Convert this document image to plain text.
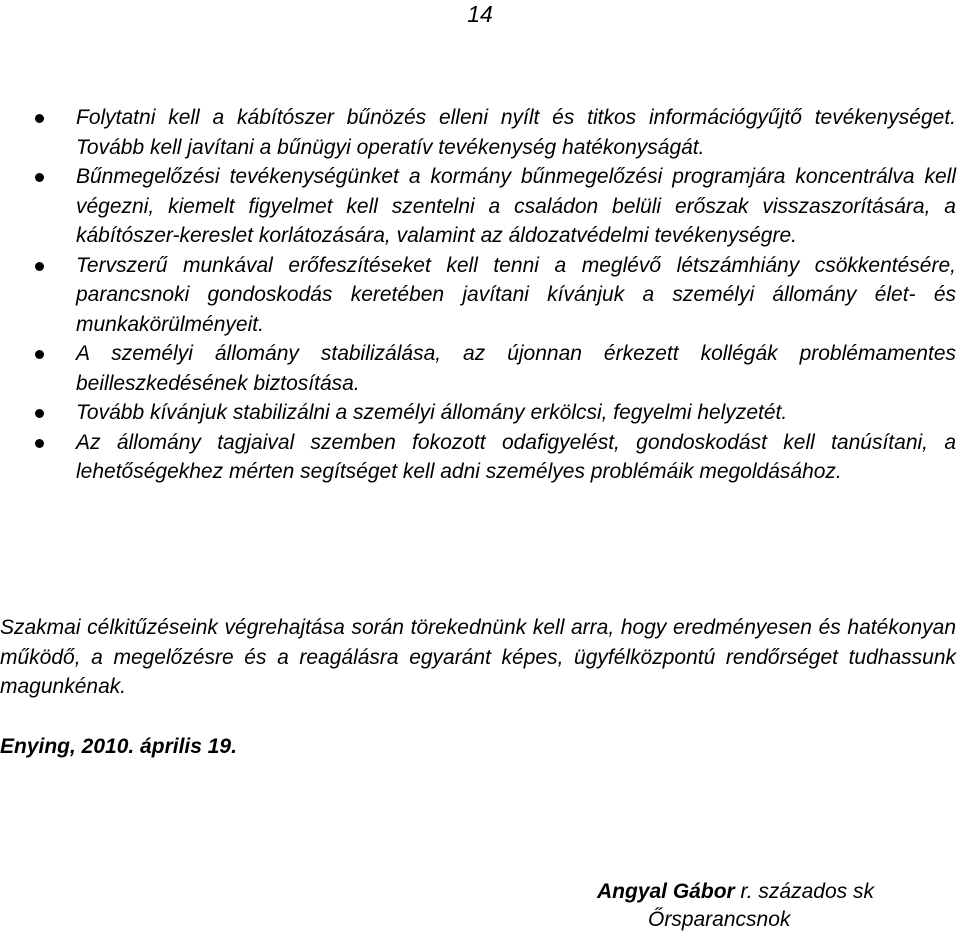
14
Folytatni kell a kábítószer bűnözés elleni nyílt és titkos információgyűjtő tevékenységet. Tovább kell javítani a bűnügyi operatív tevékenység hatékonyságát.
Bűnmegelőzési tevékenységünket a kormány bűnmegelőzési programjára koncentrálva kell végezni, kiemelt figyelmet kell szentelni a családon belüli erőszak visszaszorítására, a kábítószer-kereslet korlátozására, valamint az áldozatvédelmi tevékenységre.
Tervszerű munkával erőfeszítéseket kell tenni a meglévő létszámhiány csökkentésére, parancsnoki gondoskodás keretében javítani kívánjuk a személyi állomány élet- és munkakörülményeit.
A személyi állomány stabilizálása, az újonnan érkezett kollégák problémamentes beilleszkedésének biztosítása.
Tovább kívánjuk stabilizálni a személyi állomány erkölcsi, fegyelmi helyzetét.
Az állomány tagjaival szemben fokozott odafigyelést, gondoskodást kell tanúsítani, a lehetőségekhez mérten segítséget kell adni személyes problémáik megoldásához.

Szakmai célkitűzéseink végrehajtása során törekednünk kell arra, hogy eredményesen és hatékonyan működő, a megelőzésre és a reagálásra egyaránt képes, ügyfélközpontú rendőrséget tudhassunk magunkénak.

Enying, 2010. április 19.

Angyal Gábor r. százados sk
Őrsparancsnok
